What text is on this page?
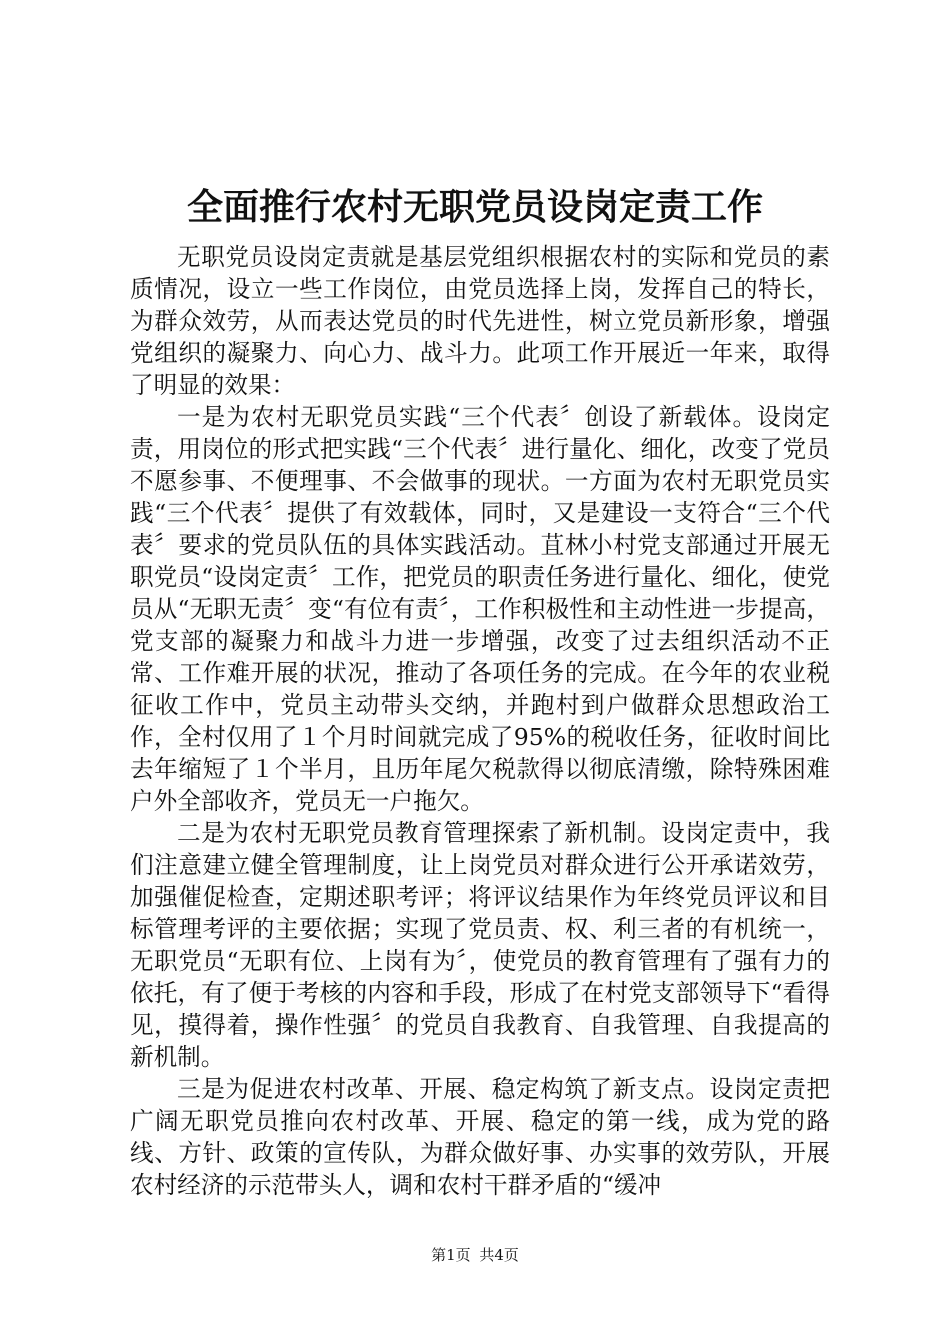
全面推行农村无职党员设岗定责工作

无职党员设岗定责就是基层党组织根据农村的实际和党员的素质情况，设立一些工作岗位，由党员选择上岗，发挥自己的特长，为群众效劳，从而表达党员的时代先进性，树立党员新形象，增强党组织的凝聚力、向心力、战斗力。此项工作开展近一年来，取得了明显的效果：

一是为农村无职党员实践“三个代表〞创设了新载体。设岗定责，用岗位的形式把实践“三个代表〞进行量化、细化，改变了党员不愿参事、不便理事、不会做事的现状。一方面为农村无职党员实践“三个代表〞提供了有效载体，同时，又是建设一支符合“三个代表〞要求的党员队伍的具体实践活动。苴林小村党支部通过开展无职党员“设岗定责〞工作，把党员的职责任务进行量化、细化，使党员从“无职无责〞变“有位有责〞，工作积极性和主动性进一步提高，党支部的凝聚力和战斗力进一步增强，改变了过去组织活动不正常、工作难开展的状况，推动了各项任务的完成。在今年的农业税征收工作中，党员主动带头交纳，并跑村到户做群众思想政治工作，全村仅用了１个月时间就完成了95%的税收任务，征收时间比去年缩短了１个半月，且历年尾欠税款得以彻底清缴，除特殊困难户外全部收齐，党员无一户拖欠。

二是为农村无职党员教育管理探索了新机制。设岗定责中，我们注意建立健全管理制度，让上岗党员对群众进行公开承诺效劳，加强催促检查，定期述职考评；将评议结果作为年终党员评议和目标管理考评的主要依据；实现了党员责、权、利三者的有机统一，无职党员“无职有位、上岗有为〞，使党员的教育管理有了强有力的依托，有了便于考核的内容和手段，形成了在村党支部领导下“看得见，摸得着，操作性强〞的党员自我教育、自我管理、自我提高的新机制。

三是为促进农村改革、开展、稳定构筑了新支点。设岗定责把广阔无职党员推向农村改革、开展、稳定的第一线，成为党的路线、方针、政策的宣传队，为群众做好事、办实事的效劳队，开展农村经济的示范带头人，调和农村干群矛盾的“缓冲

第1页 共4页
